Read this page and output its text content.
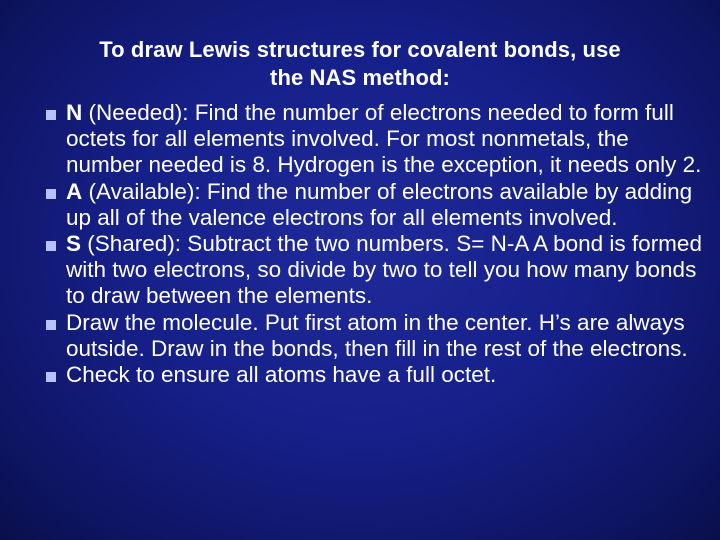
To draw Lewis structures for covalent bonds, use
the NAS method:
N (Needed): Find the number of electrons needed to form full octets for all elements involved. For most nonmetals, the number needed is 8. Hydrogen is the exception, it needs only 2.
A (Available): Find the number of electrons available by adding up all of the valence electrons for all elements involved.
S (Shared): Subtract the two numbers. S= N-A A bond is formed with two electrons, so divide by two to tell you how many bonds to draw between the elements.
Draw the molecule. Put first atom in the center. H’s are always outside. Draw in the bonds, then fill in the rest of the electrons.
Check to ensure all atoms have a full octet.
